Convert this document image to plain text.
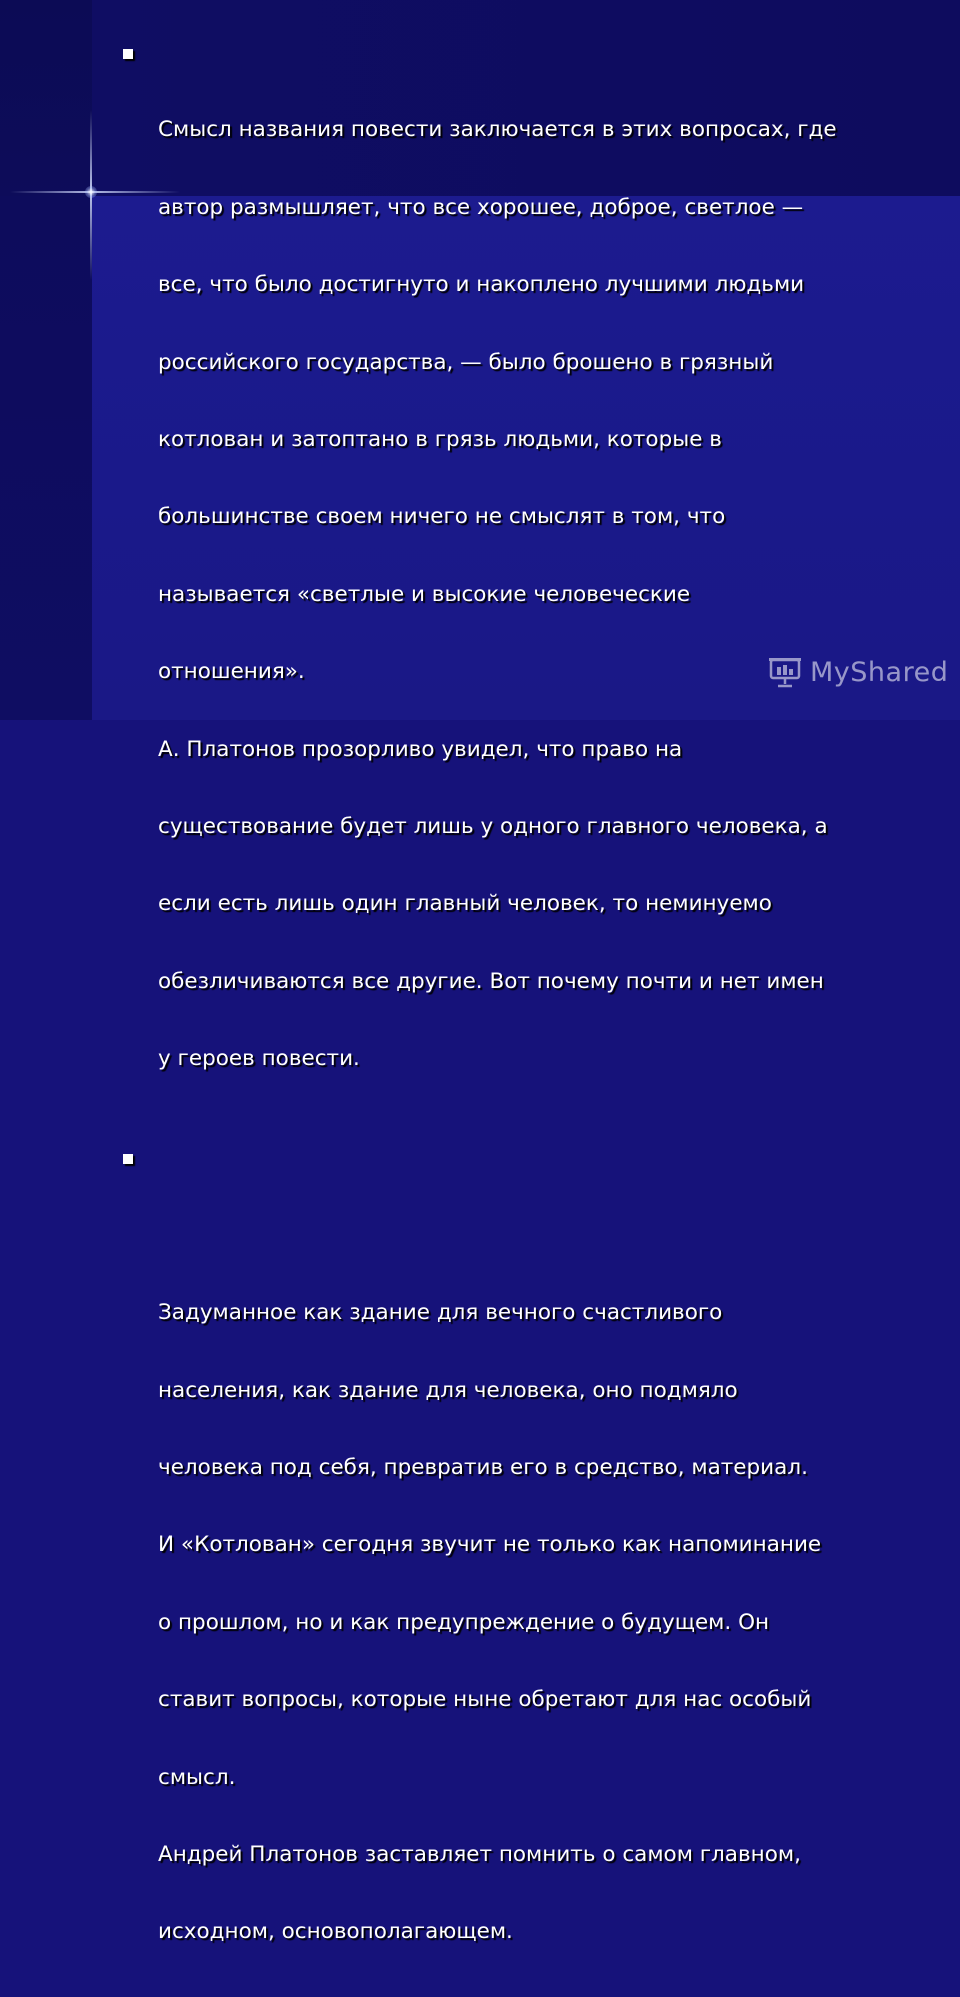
Смысл названия повести заключается в этих вопросах, где

автор размышляет, что все хорошее, доброе, светлое —

все, что было достигнуто и накоплено лучшими людьми

российского государства, — было брошено в грязный

котлован и затоптано в грязь людьми, которые в

большинстве своем ничего не смыслят в том, что

называется «светлые и высокие человеческие

отношения».

А. Платонов прозорливо увидел, что право на

существование будет лишь у одного главного человека, а

если есть лишь один главный человек, то неминуемо

обезличиваются все другие. Вот почему почти и нет имен

у героев повести.

Задуманное как здание для вечного счастливого

населения, как здание для человека, оно подмяло

человека под себя, превратив его в средство, материал.

И «Котлован» сегодня звучит не только как напоминание

о прошлом, но и как предупреждение о будущем. Он

ставит вопросы, которые ныне обретают для нас особый

смысл.

Андрей Платонов заставляет помнить о самом главном,

исходном, основополагающем.

MyShared
